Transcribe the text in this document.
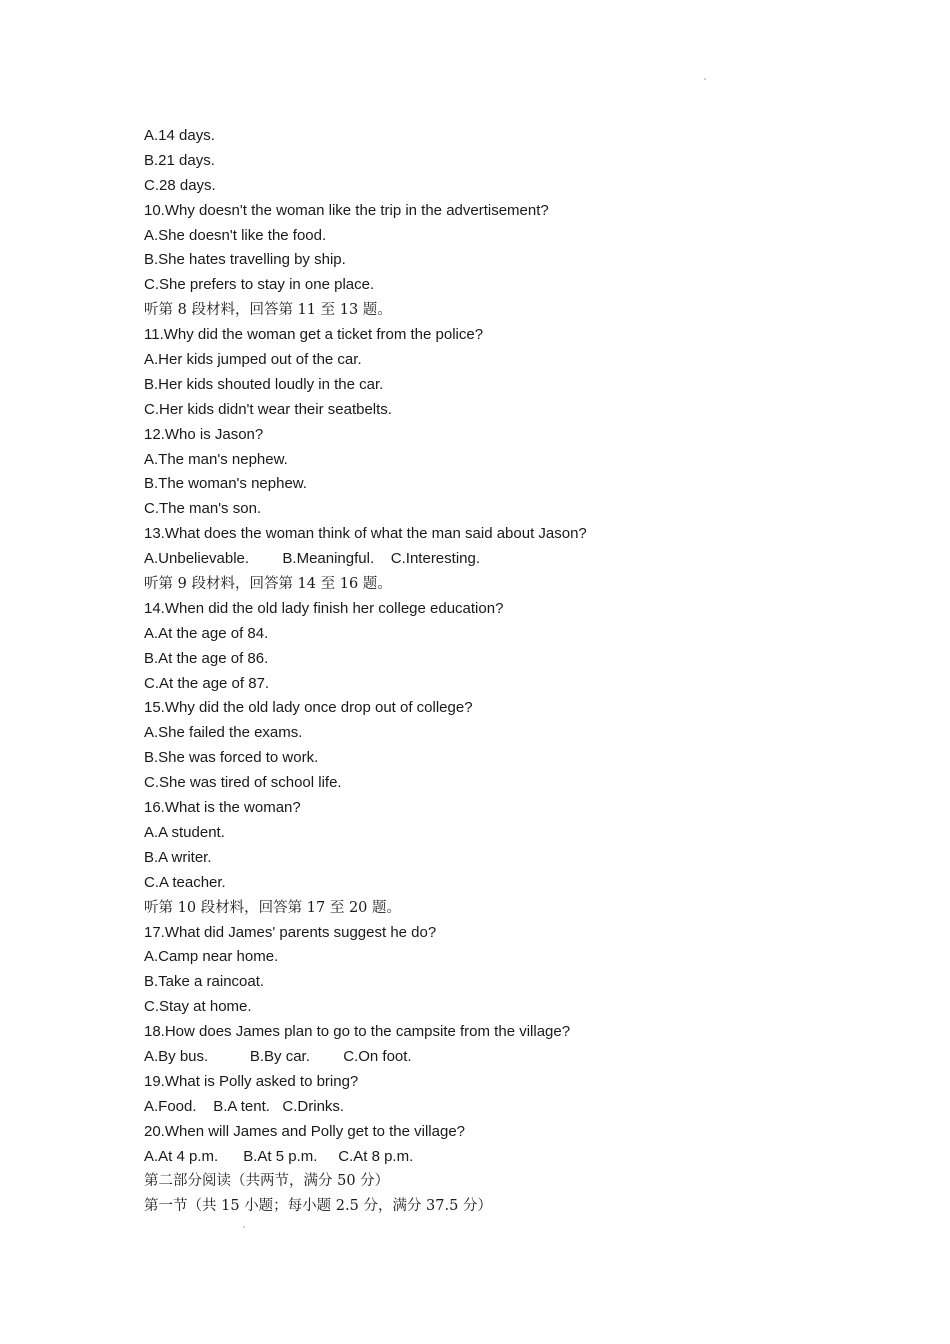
A.14 days.
B.21 days.
C.28 days.
10.Why doesn't the woman like the trip in the advertisement?
A.She doesn't like the food.
B.She hates travelling by ship.
C.She prefers to stay in one place.
听第 8 段材料，回答第 11 至 13 题。
11.Why did the woman get a ticket from the police?
A.Her kids jumped out of the car.
B.Her kids shouted loudly in the car.
C.Her kids didn't wear their seatbelts.
12.Who is Jason?
A.The man's nephew.
B.The woman's nephew.
C.The man's son.
13.What does the woman think of what the man said about Jason?
A.Unbelievable.        B.Meaningful.    C.Interesting.
听第 9 段材料，回答第 14 至 16 题。
14.When did the old lady finish her college education?
A.At the age of 84.
B.At the age of 86.
C.At the age of 87.
15.Why did the old lady once drop out of college?
A.She failed the exams.
B.She was forced to work.
C.She was tired of school life.
16.What is the woman?
A.A student.
B.A writer.
C.A teacher.
听第 10 段材料，回答第 17 至 20 题。
17.What did James' parents suggest he do?
A.Camp near home.
B.Take a raincoat.
C.Stay at home.
18.How does James plan to go to the campsite from the village?
A.By bus.          B.By car.        C.On foot.
19.What is Polly asked to bring?
A.Food.    B.A tent.   C.Drinks.
20.When will James and Polly get to the village?
A.At 4 p.m.      B.At 5 p.m.     C.At 8 p.m.
第二部分阅读（共两节，满分 50 分）
第一节（共 15 小题；每小题 2.5 分，满分 37.5 分）
